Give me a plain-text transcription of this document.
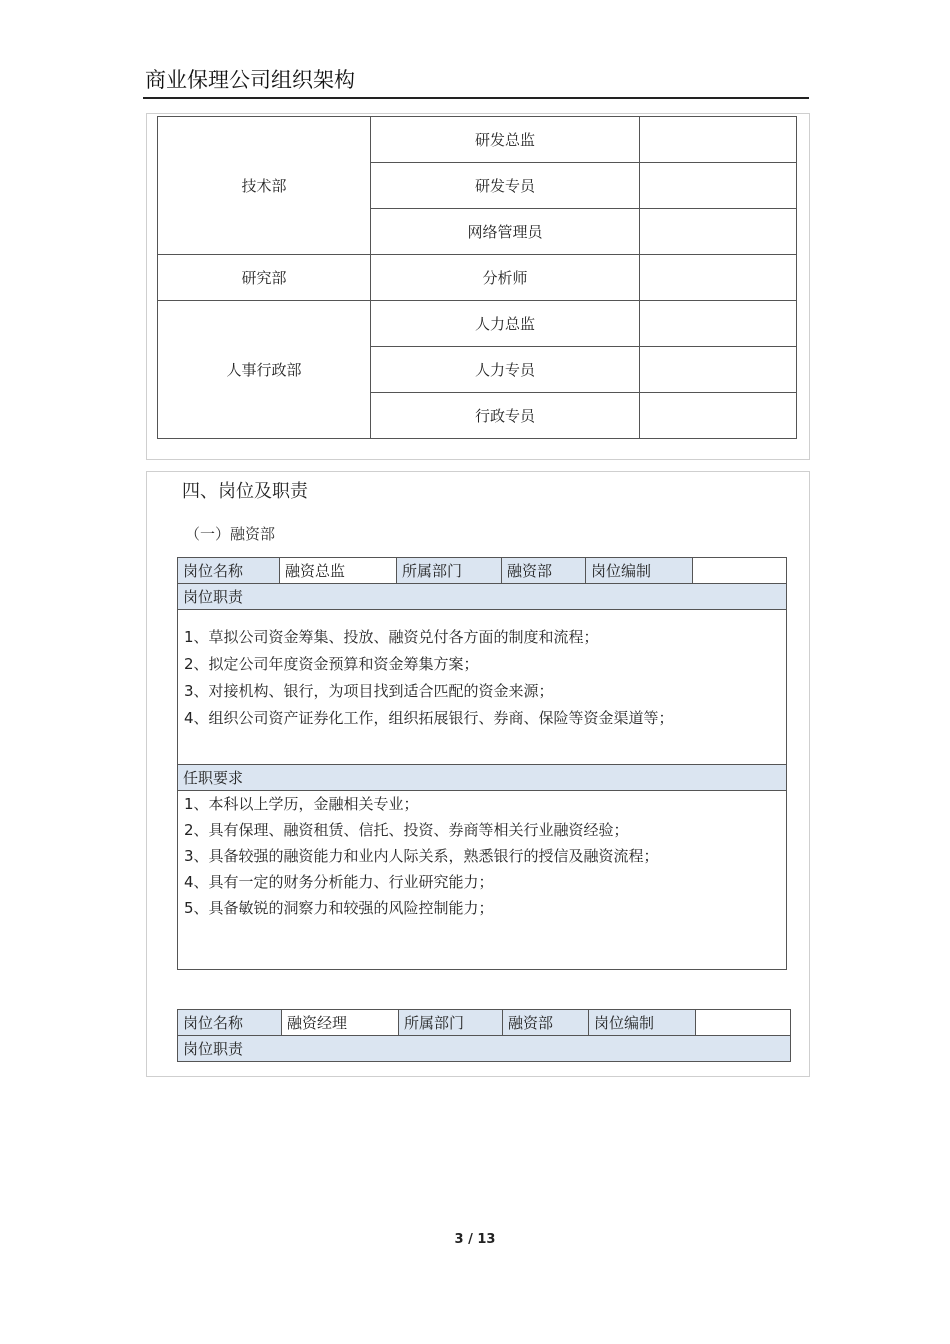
商业保理公司组织架构
技术部	研发总监	
	研发专员	
	网络管理员	
研究部	分析师	
人事行政部	人力总监	
	人力专员	
	行政专员	
四、岗位及职责
（一）融资部
岗位名称	融资总监	所属部门	融资部	岗位编制	
岗位职责

1、草拟公司资金筹集、投放、融资兑付各方面的制度和流程；
2、拟定公司年度资金预算和资金筹集方案；
3、对接机构、银行，为项目找到适合匹配的资金来源；
4、组织公司资产证券化工作，组织拓展银行、券商、保险等资金渠道等；

任职要求

1、本科以上学历，金融相关专业；
2、具有保理、融资租赁、信托、投资、券商等相关行业融资经验；
3、具备较强的融资能力和业内人际关系，熟悉银行的授信及融资流程；
4、具有一定的财务分析能力、行业研究能力；
5、具备敏锐的洞察力和较强的风险控制能力；
岗位名称	融资经理	所属部门	融资部	岗位编制	
岗位职责
3 / 13
